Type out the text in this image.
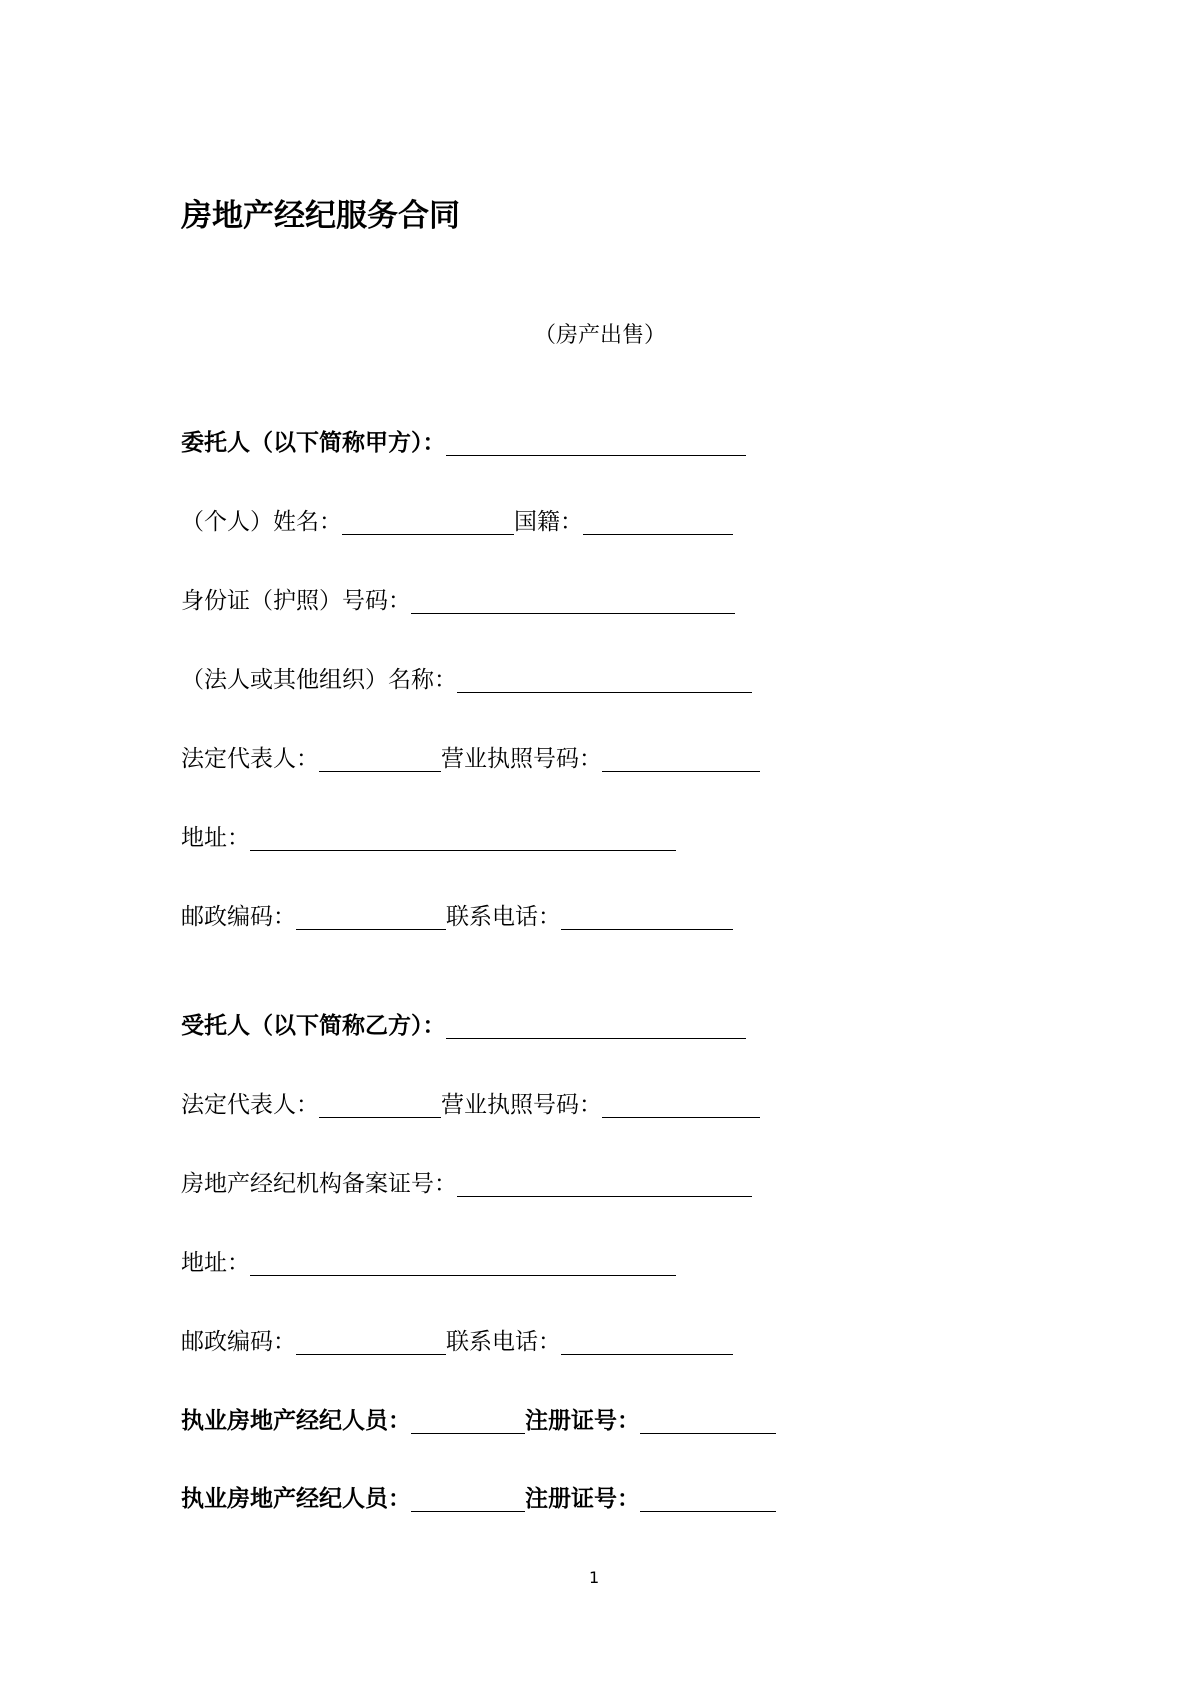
房地产经纪服务合同
（房产出售）
委托人（以下简称甲方）：
（个人）姓名：	国籍：
身份证（护照）号码：
（法人或其他组织）名称：
法定代表人：	营业执照号码：
地址：
邮政编码：	联系电话：
受托人（以下简称乙方）：
法定代表人：	营业执照号码：
房地产经纪机构备案证号：
地址：
邮政编码：	联系电话：
执业房地产经纪人员：	注册证号：
执业房地产经纪人员：	注册证号：
1
